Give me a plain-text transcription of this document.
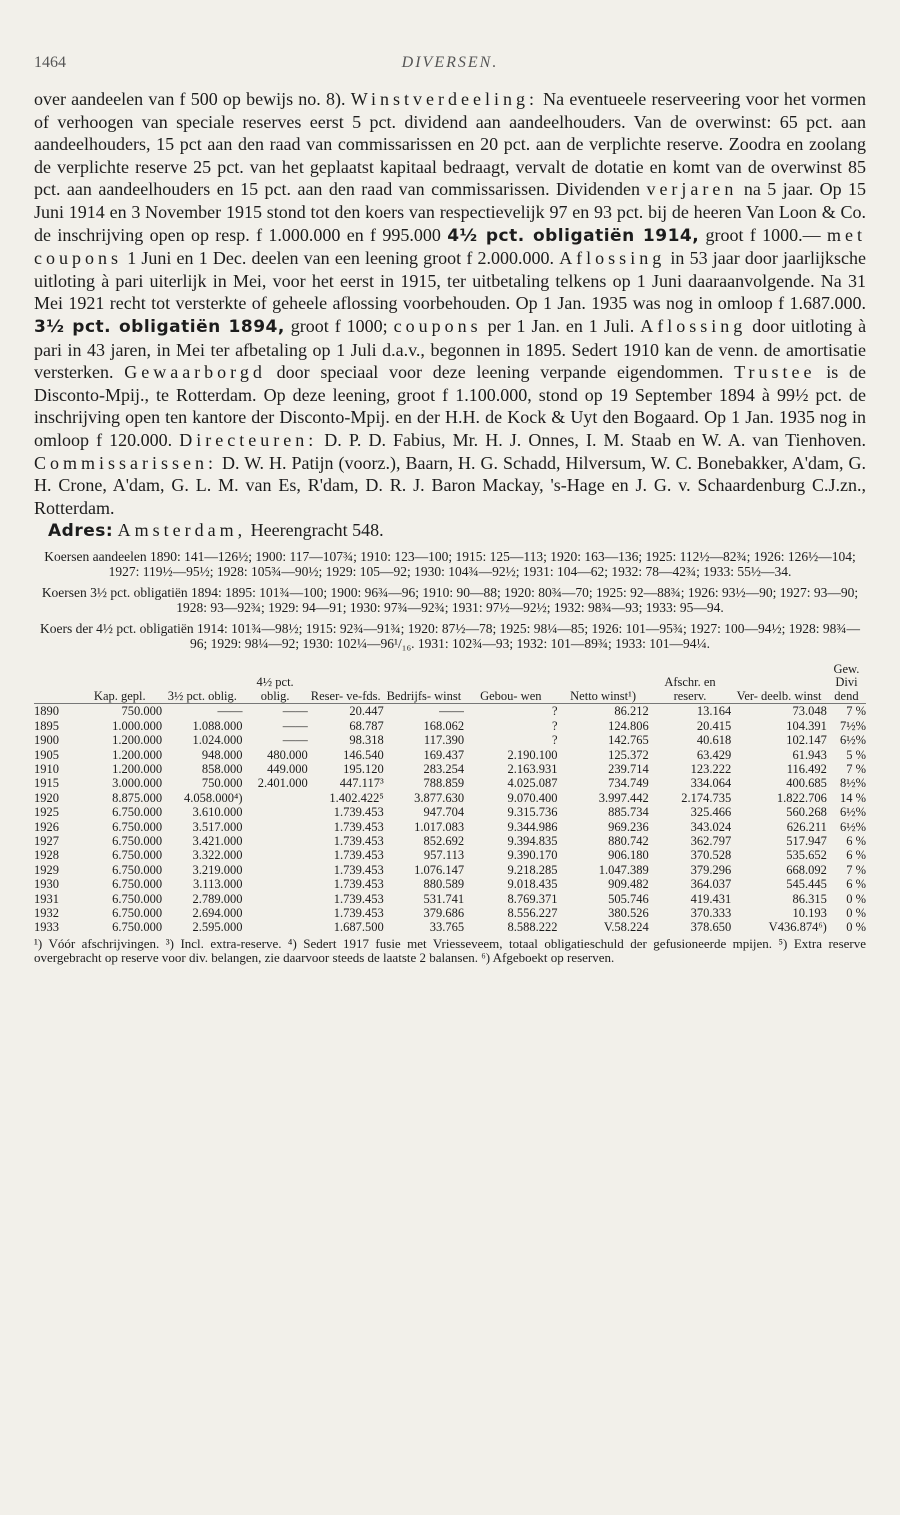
1464	DIVERSEN.

over aandeelen van f 500 op bewijs no. 8). Winstverdeeling: Na eventueele reserveering voor het vormen of verhoogen van speciale reserves eerst 5 pct. dividend aan aandeelhouders. Van de overwinst: 65 pct. aan aandeelhouders, 15 pct aan den raad van commissarissen en 20 pct. aan de verplichte reserve. Zoodra en zoolang de verplichte reserve 25 pct. van het geplaatst kapitaal bedraagt, vervalt de dotatie en komt van de overwinst 85 pct. aan aandeelhouders en 15 pct. aan den raad van commissarissen. Dividenden verjaren na 5 jaar. Op 15 Juni 1914 en 3 November 1915 stond tot den koers van respectievelijk 97 en 93 pct. bij de heeren Van Loon & Co. de inschrijving open op resp. f 1.000.000 en f 995.000 4½ pct. obligatiën 1914, groot f 1000.— met coupons 1 Juni en 1 Dec. deelen van een leening groot f 2.000.000. Aflossing in 53 jaar door jaarlijksche uitloting à pari uiterlijk in Mei, voor het eerst in 1915, ter uitbetaling telkens op 1 Juni daaraanvolgende. Na 31 Mei 1921 recht tot versterkte of geheele aflossing voorbehouden. Op 1 Jan. 1935 was nog in omloop f 1.687.000. 3½ pct. obligatiën 1894, groot f 1000; coupons per 1 Jan. en 1 Juli. Aflossing door uitloting à pari in 43 jaren, in Mei ter afbetaling op 1 Juli d.a.v., begonnen in 1895. Sedert 1910 kan de venn. de amortisatie versterken. Gewaarborgd door speciaal voor deze leening verpande eigendommen. Trustee is de Disconto-Mpij., te Rotterdam. Op deze leening, groot f 1.100.000, stond op 19 September 1894 à 99½ pct. de inschrijving open ten kantore der Disconto-Mpij. en der H.H. de Kock & Uyt den Bogaard. Op 1 Jan. 1935 nog in omloop f 120.000. Directeuren: D. P. D. Fabius, Mr. H. J. Onnes, I. M. Staab en W. A. van Tienhoven. Commissarissen: D. W. H. Patijn (voorz.), Baarn, H. G. Schadd, Hilversum, W. C. Bonebakker, A'dam, G. H. Crone, A'dam, G. L. M. van Es, R'dam, D. R. J. Baron Mackay, 's-Hage en J. G. v. Schaardenburg C.J.zn., Rotterdam.

Adres: Amsterdam, Heerengracht 548.

Koersen aandeelen 1890: 141—126½; 1900: 117—107¾; 1910: 123—100; 1915: 125—113; 1920: 163—136; 1925: 112½—82¾; 1926: 126½—104; 1927: 119½—95½; 1928: 105¾—90½; 1929: 105—92; 1930: 104¾—92½; 1931: 104—62; 1932: 78—42¾; 1933: 55½—34.

Koersen 3½ pct. obligatiën 1894: 1895: 101¾—100; 1900: 96¾—96; 1910: 90—88; 1920: 80¾—70; 1925: 92—88¾; 1926: 93½—90; 1927: 93—90; 1928: 93—92¾; 1929: 94—91; 1930: 97¾—92¾; 1931: 97½—92½; 1932: 98¾—93; 1933: 95—94.

Koers der 4½ pct. obligatiën 1914: 101¾—98½; 1915: 92¾—91¾; 1920: 87½—78; 1925: 98¼—85; 1926: 101—95¾; 1927: 100—94½; 1928: 98¾—96; 1929: 98¼—92; 1930: 102¼—96¹/₁₆. 1931: 102¾—93; 1932: 101—89¾; 1933: 101—94¼.

	Kap. gepl.	3½ pct. oblig.	4½ pct. oblig.	Reser- ve-fds.	Bedrijfs- winst	Gebou- wen	Netto winst¹)	Afschr. en reserv.	Ver- deelb. winst	Gew. Divi dend
1890	750.000	——	——	20.447	——	?	86.212	13.164	73.048	7 %
1895	1.000.000	1.088.000	——	68.787	168.062	?	124.806	20.415	104.391	7½%
1900	1.200.000	1.024.000	——	98.318	117.390	?	142.765	40.618	102.147	6½%
1905	1.200.000	948.000	480.000	146.540	169.437	2.190.100	125.372	63.429	61.943	5 %
1910	1.200.000	858.000	449.000	195.120	283.254	2.163.931	239.714	123.222	116.492	7 %
1915	3.000.000	750.000	2.401.000	447.117³	788.859	4.025.087	734.749	334.064	400.685	8½%
1920	8.875.000	4.058.000⁴)		1.402.422⁵	3.877.630	9.070.400	3.997.442	2.174.735	1.822.706	14 %
1925	6.750.000	3.610.000		1.739.453	947.704	9.315.736	885.734	325.466	560.268	6½%
1926	6.750.000	3.517.000		1.739.453	1.017.083	9.344.986	969.236	343.024	626.211	6½%
1927	6.750.000	3.421.000		1.739.453	852.692	9.394.835	880.742	362.797	517.947	6 %
1928	6.750.000	3.322.000		1.739.453	957.113	9.390.170	906.180	370.528	535.652	6 %
1929	6.750.000	3.219.000		1.739.453	1.076.147	9.218.285	1.047.389	379.296	668.092	7 %
1930	6.750.000	3.113.000		1.739.453	880.589	9.018.435	909.482	364.037	545.445	6 %
1931	6.750.000	2.789.000		1.739.453	531.741	8.769.371	505.746	419.431	86.315	0 %
1932	6.750.000	2.694.000		1.739.453	379.686	8.556.227	380.526	370.333	10.193	0 %
1933	6.750.000	2.595.000		1.687.500	33.765	8.588.222	V.58.224	378.650	V436.874⁶)	0 %
¹) Vóór afschrijvingen. ³) Incl. extra-reserve. ⁴) Sedert 1917 fusie met Vriesseveem, totaal obligatieschuld der gefusioneerde mpijen. ⁵) Extra reserve overgebracht op reserve voor div. belangen, zie daarvoor steeds de laatste 2 balansen. ⁶) Afgeboekt op reserven.
